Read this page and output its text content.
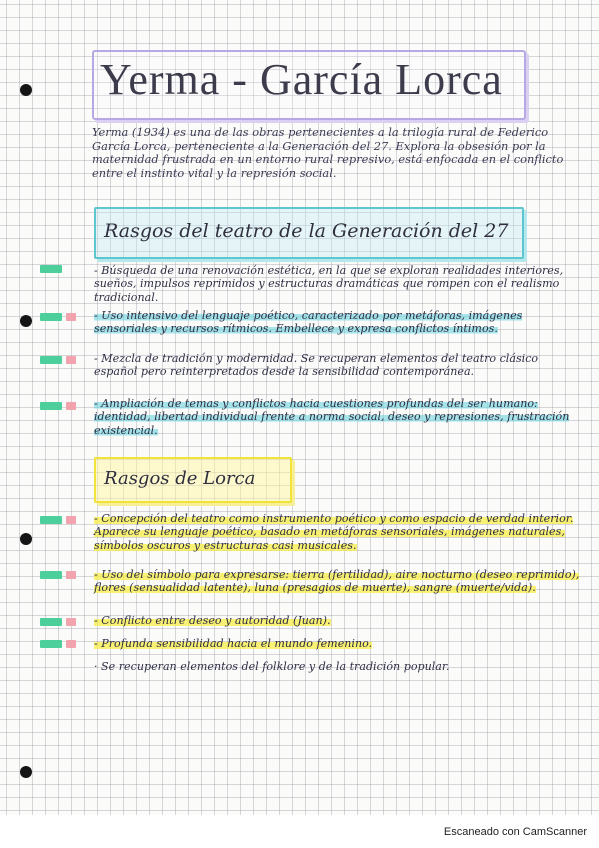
Yerma - García Lorca
Yerma (1934) es una de las obras pertenecientes a la trilogía rural de Federico García Lorca, perteneciente a la Generación del 27. Explora la obsesión por la maternidad frustrada en un entorno rural represivo, está enfocada en el conflicto entre el instinto vital y la represión social.
Rasgos del teatro de la Generación del 27
- Búsqueda de una renovación estética, en la que se exploran realidades interiores, sueños, impulsos reprimidos y estructuras dramáticas que rompen con el realismo tradicional.
- Uso intensivo del lenguaje poético, caracterizado por metáforas, imágenes sensoriales y recursos rítmicos. Embellece y expresa conflictos íntimos.
- Mezcla de tradición y modernidad. Se recuperan elementos del teatro clásico español pero reinterpretados desde la sensibilidad contemporánea.
- Ampliación de temas y conflictos hacia cuestiones profundas del ser humano: identidad, libertad individual frente a norma social, deseo y represiones, frustración existencial.
Rasgos de Lorca
- Concepción del teatro como instrumento poético y como espacio de verdad interior. Aparece su lenguaje poético, basado en metáforas sensoriales, imágenes naturales, símbolos oscuros y estructuras casi musicales.
- Uso del símbolo para expresarse: tierra (fertilidad), aire nocturno (deseo reprimido), flores (sensualidad latente), luna (presagios de muerte), sangre (muerte/vida).
- Conflicto entre deseo y autoridad (Juan).
- Profunda sensibilidad hacia el mundo femenino.
· Se recuperan elementos del folklore y de la tradición popular.
Escaneado con CamScanner
